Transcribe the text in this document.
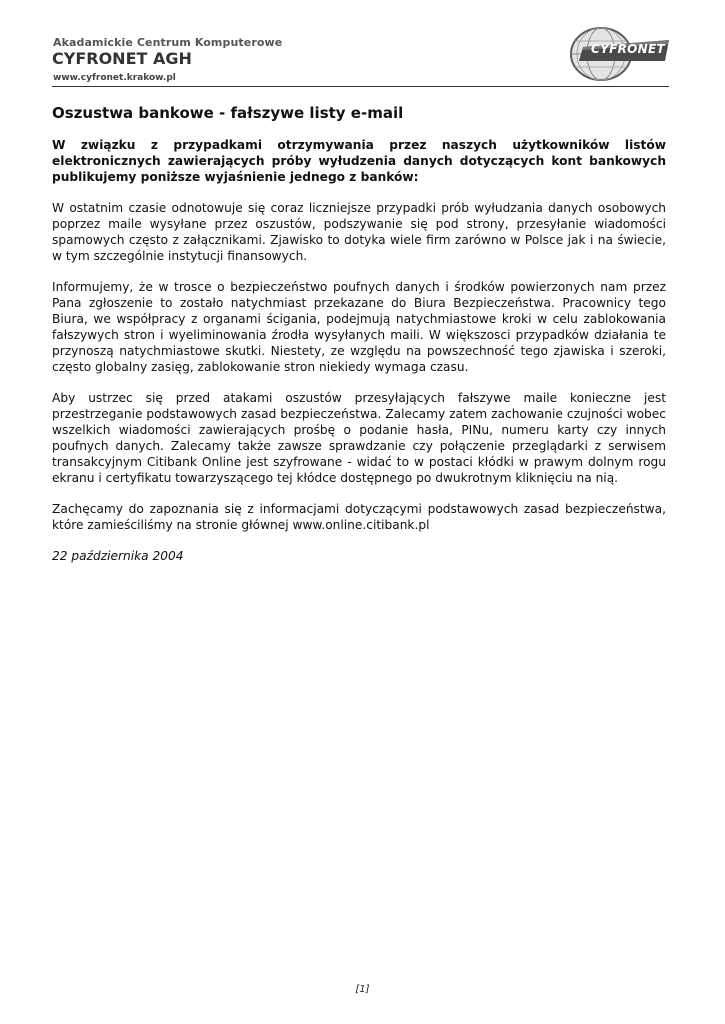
Akadamickie Centrum Komputerowe
CYFRONET AGH
www.cyfronet.krakow.pl
CYFRONET
Oszustwa bankowe - fałszywe listy e-mail

W związku z przypadkami otrzymywania przez naszych użytkowników listów elektronicznych zawierających próby wyłudzenia danych dotyczących kont bankowych publikujemy poniższe wyjaśnienie jednego z banków:

W ostatnim czasie odnotowuje się coraz liczniejsze przypadki prób wyłudzania danych osobowych poprzez maile wysyłane przez oszustów, podszywanie się pod strony, przesyłanie wiadomości spamowych często z załącznikami. Zjawisko to dotyka wiele firm zarówno w Polsce jak i na świecie, w tym szczególnie instytucji finansowych.

Informujemy, że w trosce o bezpieczeństwo poufnych danych i środków powierzonych nam przez Pana zgłoszenie to zostało natychmiast przekazane do Biura Bezpieczeństwa. Pracownicy tego Biura, we współpracy z organami ścigania, podejmują natychmiastowe kroki w celu zablokowania fałszywych stron i wyeliminowania źrodła wysyłanych maili. W większosci przypadków działania te przynoszą natychmiastowe skutki. Niestety, ze względu na powszechność tego zjawiska i szeroki, często globalny zasięg, zablokowanie stron niekiedy wymaga czasu.

Aby ustrzec się przed atakami oszustów przesyłających fałszywe maile konieczne jest przestrzeganie podstawowych zasad bezpieczeństwa. Zalecamy zatem zachowanie czujności wobec wszelkich wiadomości zawierających prośbę o podanie hasła, PINu, numeru karty czy innych poufnych danych. Zalecamy także zawsze sprawdzanie czy połączenie przeglądarki z serwisem transakcyjnym Citibank Online jest szyfrowane - widać to w postaci kłódki w prawym dolnym rogu ekranu i certyfikatu towarzyszącego tej kłódce dostępnego po dwukrotnym kliknięciu na nią.

Zachęcamy do zapoznania się z informacjami dotyczącymi podstawowych zasad bezpieczeństwa, które zamieściliśmy na stronie głównej www.online.citibank.pl

22 października 2004

[1]
